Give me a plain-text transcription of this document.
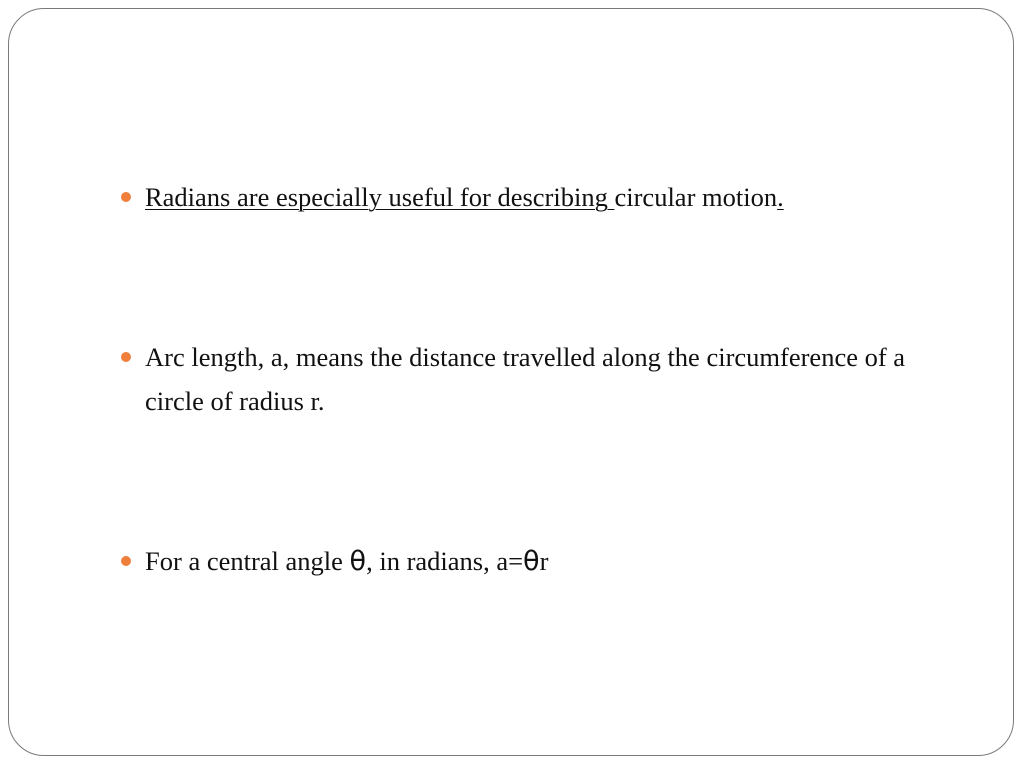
Radians are especially useful for describing circular motion.
Arc length, a, means the distance travelled along the circumference of a circle of radius r.
For a central angle θ, in radians, a=θr
